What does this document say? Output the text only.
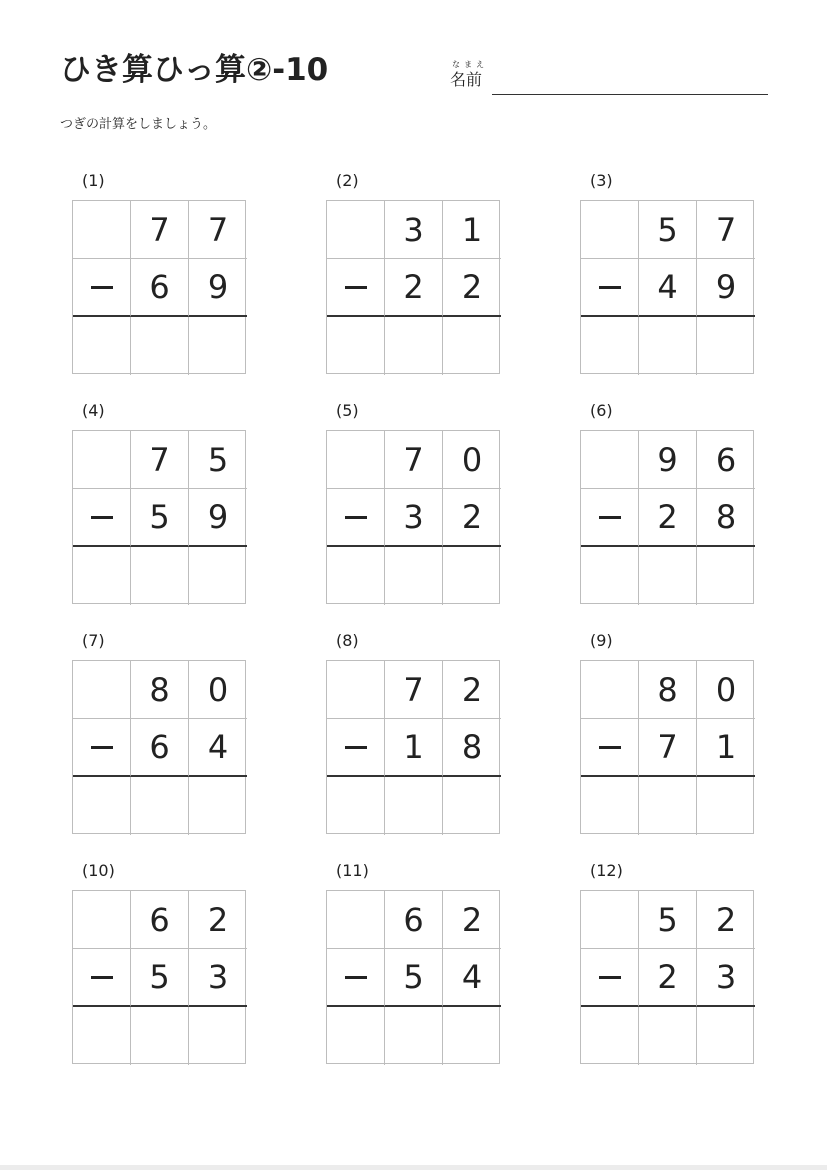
ひき算ひっ算②-10	なまえ
名前
つぎの計算をしましょう。
(1)
7	7
6	9
(2)
3	1
2	2
(3)
5	7
4	9
(4)
7	5
5	9
(5)
7	0
3	2
(6)
9	6
2	8
(7)
8	0
6	4
(8)
7	2
1	8
(9)
8	0
7	1
(10)
6	2
5	3
(11)
6	2
5	4
(12)
5	2
2	3
